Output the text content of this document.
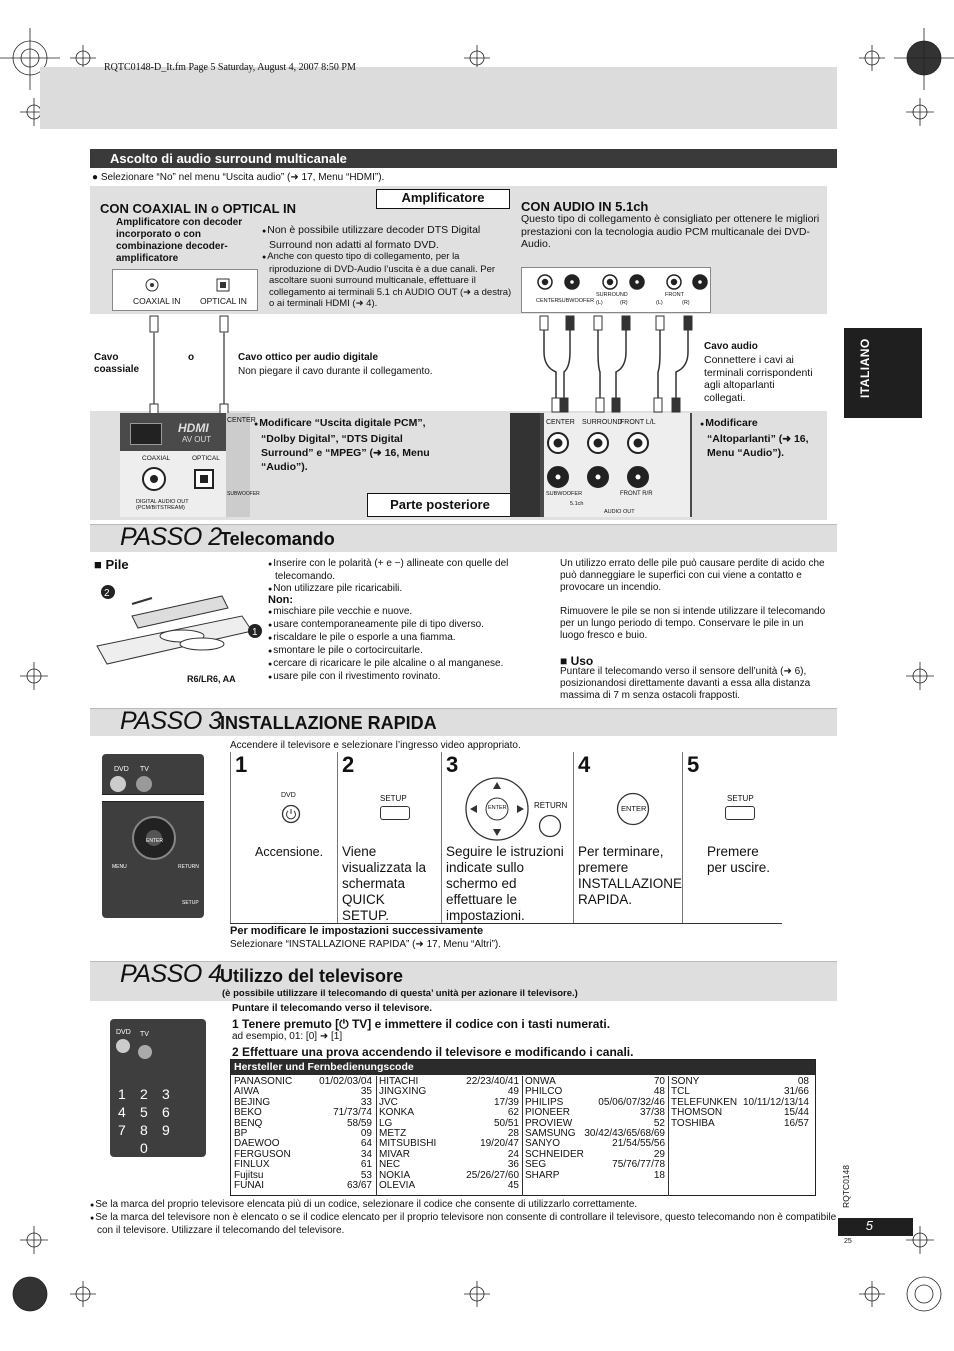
RQTC0148-D_It.fm Page 5 Saturday, August 4, 2007 8:50 PM
ITALIANO
Ascolto di audio surround multicanale
● Selezionare “No” nel menu “Uscita audio” (➜ 17, Menu “HDMI”).
Amplificatore
Parte posteriore
CON COAXIAL IN o OPTICAL IN
Amplificatore con decoder incorporato o con combinazione decoder-amplificatore
● Non è possibile utilizzare decoder DTS Digital Surround non adatti al formato DVD.
● Anche con questo tipo di collegamento, per la riproduzione di DVD-Audio l’uscita è a due canali. Per ascoltare suoni surround multicanale, effettuare il collegamento ai terminali 5.1 ch AUDIO OUT (➜ a destra) o ai terminali HDMI (➜ 4).
COAXIAL IN OPTICAL IN
Cavo coassiale
o	Cavo ottico per audio digitale
Non piegare il cavo durante il collegamento.
HDMI
AV OUT
COAXIAL	OPTICAL
DIGITAL AUDIO OUT (PCM/BITSTREAM)
CENTER
SUBWOOFER
● Modificare “Uscita digitale PCM”, “Dolby Digital”, “DTS Digital Surround” e “MPEG” (➜ 16, Menu “Audio”).
CON AUDIO IN 5.1ch
Questo tipo di collegamento è consigliato per ottenere le migliori prestazioni con la tecnologia audio PCM multicanale dei DVD-Audio.
CENTER SUBWOOFER
SURROUND
(L)	(R)
FRONT
(L)	(R)
Cavo audio
Connettere i cavi ai terminali corrispondenti agli altoparlanti collegati.
CENTER SURROUND
FRONT L/L
SUBWOOFER	FRONT R/R
5.1ch
AUDIO OUT
● Modificare “Altoparlanti” (➜ 16, Menu “Audio”).
PASSO 2
Telecomando
■ Pile
2
1
R6/LR6, AA
● Inserire con le polarità (+ e −) allineate con quelle del telecomando.
● Non utilizzare pile ricaricabili.
Non:
● mischiare pile vecchie e nuove.
● usare contemporaneamente pile di tipo diverso.
● riscaldare le pile o esporle a una fiamma.
● smontare le pile o cortocircuitarle.
● cercare di ricaricare le pile alcaline o al manganese.
● usare pile con il rivestimento rovinato.
Un utilizzo errato delle pile può causare perdite di acido che può danneggiare le superfici con cui viene a contatto e provocare un incendio.
Rimuovere le pile se non si intende utilizzare il telecomando per un lungo periodo di tempo. Conservare le pile in un luogo fresco e buio.
■ Uso
Puntare il telecomando verso il sensore dell’unità (➜ 6), posizionandosi direttamente davanti a essa alla distanza massima di 7 m senza ostacoli frapposti.
PASSO 3
INSTALLAZIONE RAPIDA
Accendere il televisore e selezionare l’ingresso video appropriato.
DVD TV
ENTER
MENU	RETURN
SETUP
1
DVD
Accensione.
2
SETUP
Viene visualizzata la schermata QUICK SETUP.
3
ENTER	RETURN
Seguire le istruzioni indicate sullo schermo ed effettuare le impostazioni.
4
ENTER
Per terminare, premere INSTALLAZIONE RAPIDA.
5
SETUP
Premere per uscire.
Per modificare le impostazioni successivamente
Selezionare “INSTALLAZIONE RAPIDA” (➜ 17, Menu “Altri”).
PASSO 4
Utilizzo del televisore
(è possibile utilizzare il telecomando di questa’ unità per azionare il televisore.)
Puntare il telecomando verso il televisore.
1 Tenere premuto [⏻ TV] e immettere il codice con i tasti numerati.
ad esempio, 01: [0] ➜ [1]
2 Effettuare una prova accendendo il televisore e modificando i canali.
DVD TV
1 2 3
4 5 6
7 8 9
0
Hersteller und Fernbedienungscode
PANASONIC	01/02/03/04
AIWA	35
BEJING	33
BEKO	71/73/74
BENQ	58/59
BP	09
DAEWOO	64
FERGUSON	34
FINLUX	61
Fujitsu	53
FUNAI	63/67
HITACHI	22/23/40/41
JINGXING	49
JVC	17/39
KONKA	62
LG	50/51
METZ	28
MITSUBISHI	19/20/47
MIVAR	24
NEC	36
NOKIA	25/26/27/60
OLEVIA	45
ONWA	70
PHILCO	48
PHILIPS	05/06/07/32/46
PIONEER	37/38
PROVIEW	52
SAMSUNG 30/42/43/65/68/69
SANYO	21/54/55/56
SCHNEIDER	29
SEG	75/76/77/78
SHARP	18
SONY	08
TCL	31/66
TELEFUNKEN 10/11/12/13/14
THOMSON	15/44
TOSHIBA	16/57
● Se la marca del proprio televisore elencata più di un codice, selezionare il codice che consente di utilizzarlo correttamente.
● Se la marca del televisore non è elencato o se il codice elencato per il proprio televisore non consente di controllare il televisore, questo telecomando non è compatibile con il televisore. Utilizzare il telecomando del televisore.
RQTC0148
5
25
